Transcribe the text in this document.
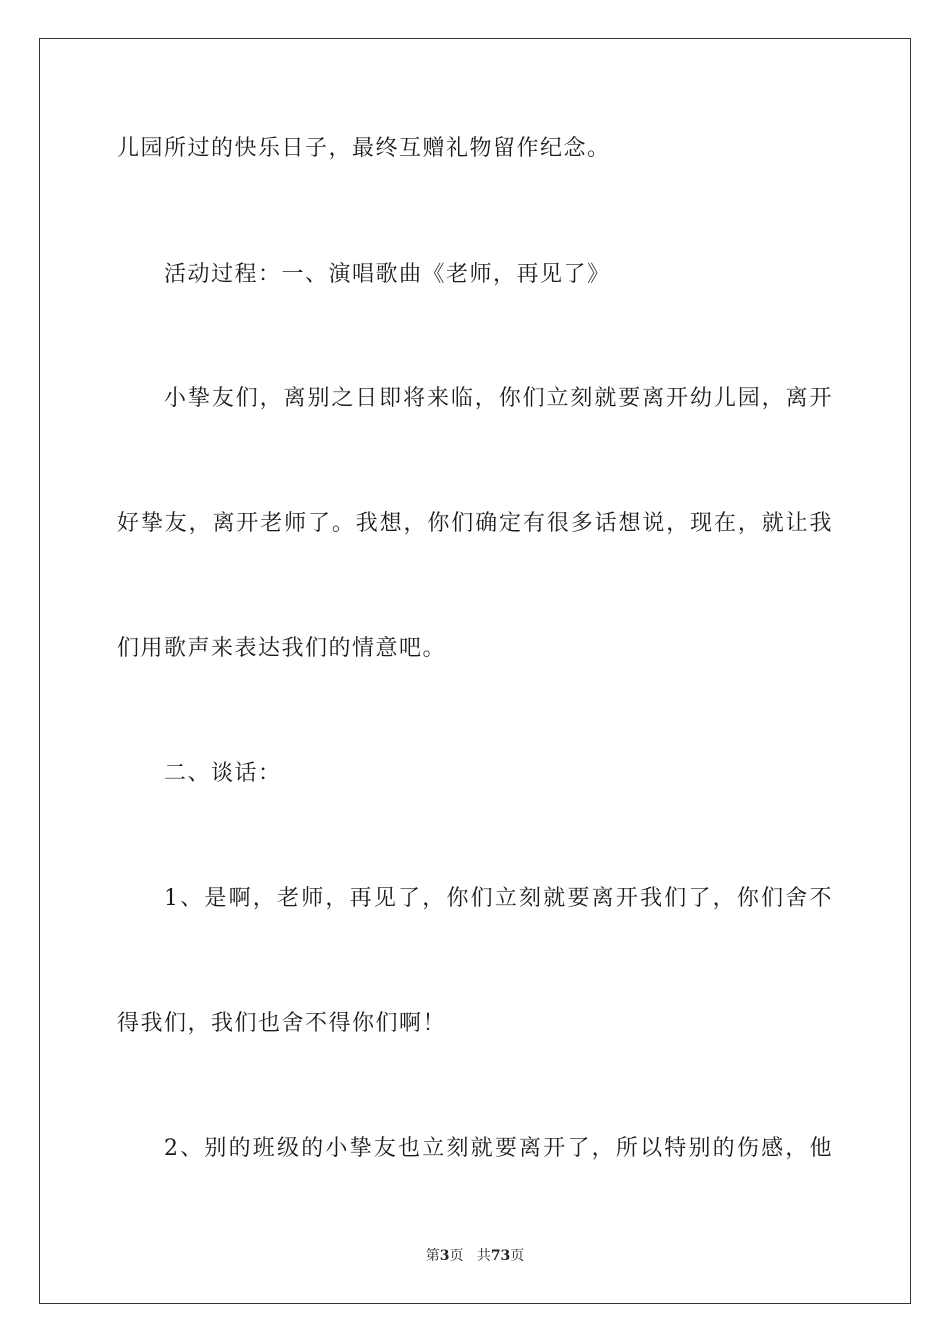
儿园所过的快乐日子，最终互赠礼物留作纪念。
活动过程：一、演唱歌曲《老师，再见了》
小挚友们，离别之日即将来临，你们立刻就要离开幼儿园，离开
好挚友，离开老师了。我想，你们确定有很多话想说，现在，就让我
们用歌声来表达我们的情意吧。
二、谈话：
1、是啊，老师，再见了，你们立刻就要离开我们了，你们舍不
得我们，我们也舍不得你们啊！
2、别的班级的小挚友也立刻就要离开了，所以特别的伤感，他
第3页 共73页
